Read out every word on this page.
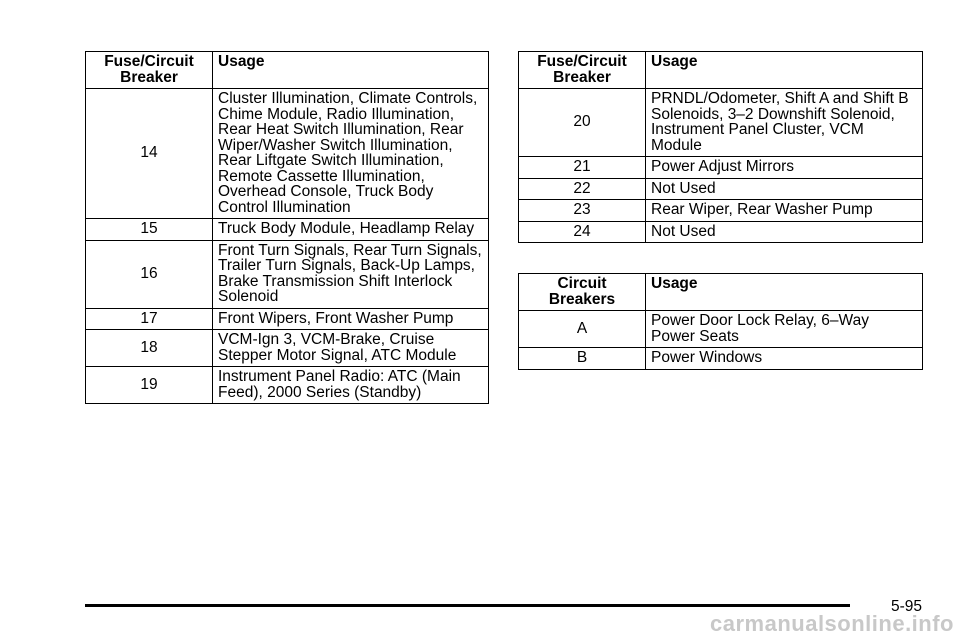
Fuse/Circuit Breaker	Usage
14	Cluster Illumination, Climate Controls, Chime Module, Radio Illumination, Rear Heat Switch Illumination, Rear Wiper/Washer Switch Illumination, Rear Liftgate Switch Illumination, Remote Cassette Illumination, Overhead Console, Truck Body Control Illumination
15	Truck Body Module, Headlamp Relay
16	Front Turn Signals, Rear Turn Signals, Trailer Turn Signals, Back-Up Lamps, Brake Transmission Shift Interlock Solenoid
17	Front Wipers, Front Washer Pump
18	VCM-Ign 3, VCM-Brake, Cruise Stepper Motor Signal, ATC Module
19	Instrument Panel Radio: ATC (Main Feed), 2000 Series (Standby)
Fuse/Circuit Breaker	Usage
20	PRNDL/Odometer, Shift A and Shift B Solenoids, 3–2 Downshift Solenoid, Instrument Panel Cluster, VCM Module
21	Power Adjust Mirrors
22	Not Used
23	Rear Wiper, Rear Washer Pump
24	Not Used
Circuit Breakers	Usage
A	Power Door Lock Relay, 6–Way Power Seats
B	Power Windows
5-95
carmanualsonline.info
